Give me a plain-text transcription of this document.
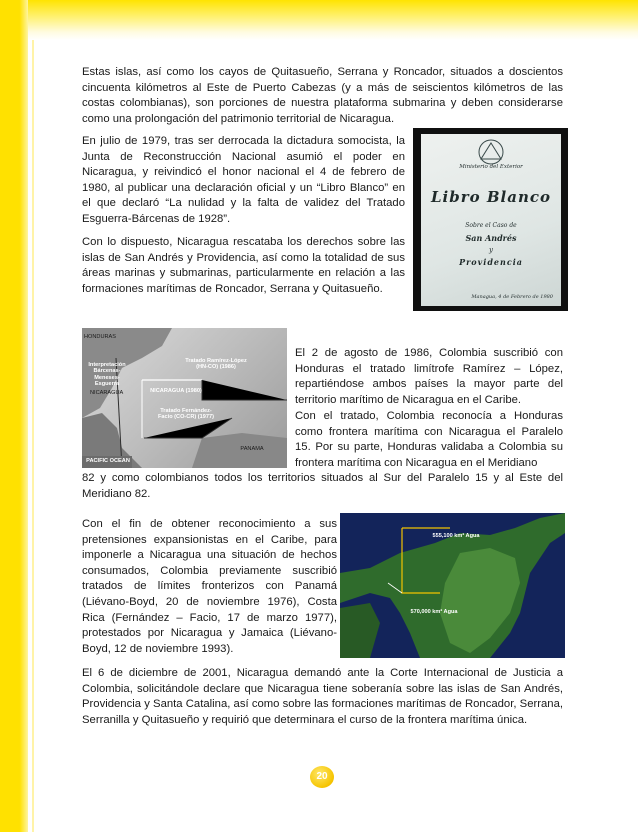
Estas islas, así como los cayos de Quitasueño, Serrana y Roncador, situados a doscientos cincuenta kilómetros al Este de Puerto Cabezas (y a más de seiscientos kilómetros de las costas colombianas), son porciones de nuestra plataforma submarina y deben considerarse como una prolongación del patrimonio territorial de Nicaragua.

En julio de 1979, tras ser derrocada la dictadura somocista, la Junta de Reconstrucción Nacional asumió el poder en Nicaragua, y reivindicó el honor nacional el 4 de febrero de 1980, al publicar una declaración oficial y un “Libro Blanco” en el que declaró “La nulidad y la falta de validez del Tratado Esguerra-Bárcenas de 1928”.

Con lo dispuesto, Nicaragua rescataba los derechos sobre las islas de San Andrés y Providencia, así como la totalidad de sus áreas marinas y submarinas, particularmente en relación a las formaciones marítimas de Roncador, Serrana y Quitasueño.

Ministerio del Exterior
Libro Blanco
Sobre el Caso de
San Andrés
y
Providencia
Managua, 4 de Febrero de 1980
HONDURAS
Interpretación Bárcenas-Meneses-Esguerra
Tratado Ramírez-López (HN-CO) (1986)
NICARAGUA	NICARAGUA (1980)
Tratado Fernández-Facio (CO-CR) (1977)
PACIFIC OCEAN
PANAMA

El 2 de agosto de 1986, Colombia suscribió con Honduras el tratado limítrofe Ramírez – López, repartiéndose ambos países la mayor parte del territorio marítimo de Nicaragua en el Caribe.

Con el tratado, Colombia reconocía a Honduras como frontera marítima con Nicaragua el Paralelo 15. Por su parte, Honduras validaba a Colombia su frontera marítima con Nicaragua en el Meridiano

82 y como colombianos todos los territorios situados al Sur del Paralelo 15 y al Este del Meridiano 82.

Con el fin de obtener reconocimiento a sus pretensiones expansionistas en el Caribe, para imponerle a Nicaragua una situación de hechos consumados, Colombia previamente suscribió tratados de límites fronterizos con Panamá (Liévano-Boyd, 20 de noviembre 1976), Costa Rica (Fernández – Facio, 17 de marzo 1977), protestados por Nicaragua y Jamaica (Liévano-Boyd, 12 de noviembre 1993).

555,100 km² Agua
570,000 km² Agua

El 6 de diciembre de 2001, Nicaragua demandó ante la Corte Internacional de Justicia a Colombia, solicitándole declare que Nicaragua tiene soberanía sobre las islas de San Andrés, Providencia y Santa Catalina, así como sobre las formaciones marítimas de Roncador, Serrana, Serranilla y Quitasueño y requirió que determinara el curso de la frontera marítima única.

20
